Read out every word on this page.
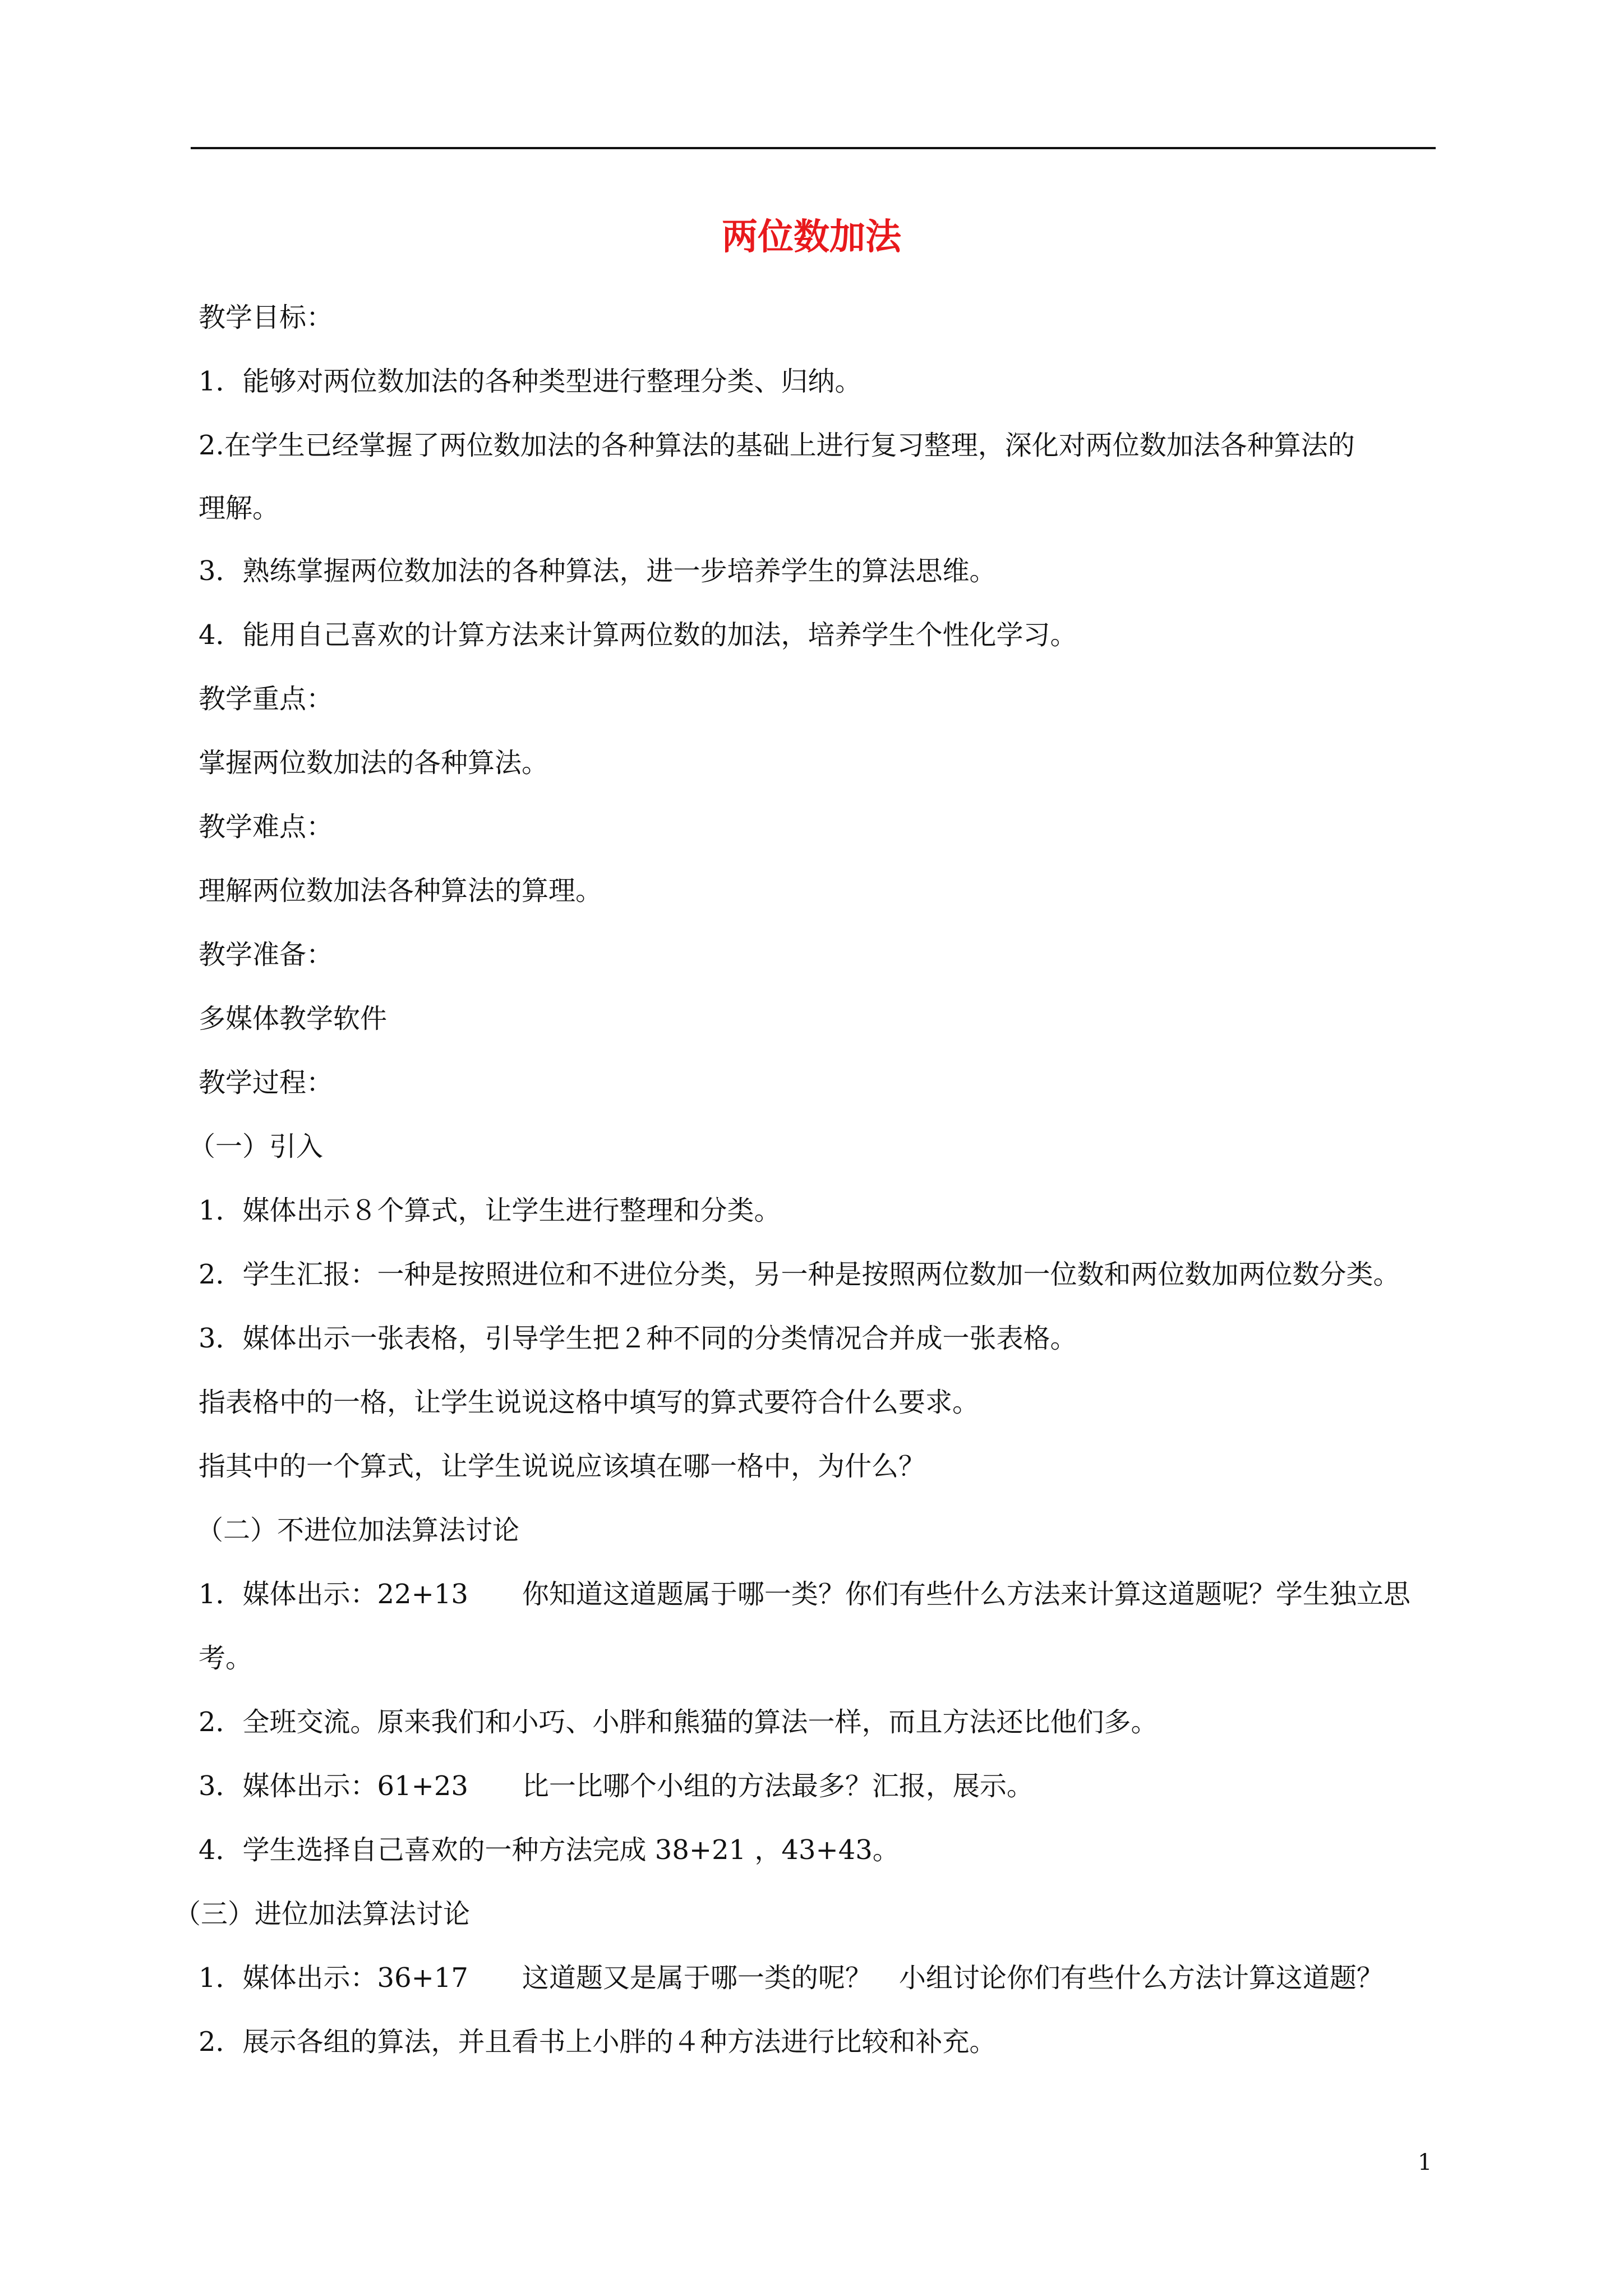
两位数加法
教学目标：
1．能够对两位数加法的各种类型进行整理分类、归纳。
2.在学生已经掌握了两位数加法的各种算法的基础上进行复习整理，深化对两位数加法各种算法的
理解。
3．熟练掌握两位数加法的各种算法，进一步培养学生的算法思维。
4．能用自己喜欢的计算方法来计算两位数的加法，培养学生个性化学习。
教学重点：
掌握两位数加法的各种算法。
教学难点：
理解两位数加法各种算法的算理。
教学准备：
多媒体教学软件
教学过程：
（一）引入
1．媒体出示８个算式，让学生进行整理和分类。
2．学生汇报：一种是按照进位和不进位分类，另一种是按照两位数加一位数和两位数加两位数分类。
3．媒体出示一张表格，引导学生把２种不同的分类情况合并成一张表格。
指表格中的一格，让学生说说这格中填写的算式要符合什么要求。
指其中的一个算式，让学生说说应该填在哪一格中，为什么？
（二）不进位加法算法讨论
1．媒体出示：22+13　　你知道这道题属于哪一类？你们有些什么方法来计算这道题呢？学生独立思
考。
2．全班交流。原来我们和小巧、小胖和熊猫的算法一样，而且方法还比他们多。
3．媒体出示：61+23　　比一比哪个小组的方法最多？汇报，展示。
4．学生选择自己喜欢的一种方法完成 38+21 ，43+43。
（三）进位加法算法讨论
1．媒体出示：36+17　　这道题又是属于哪一类的呢？　小组讨论你们有些什么方法计算这道题？
2．展示各组的算法，并且看书上小胖的４种方法进行比较和补充。
1
